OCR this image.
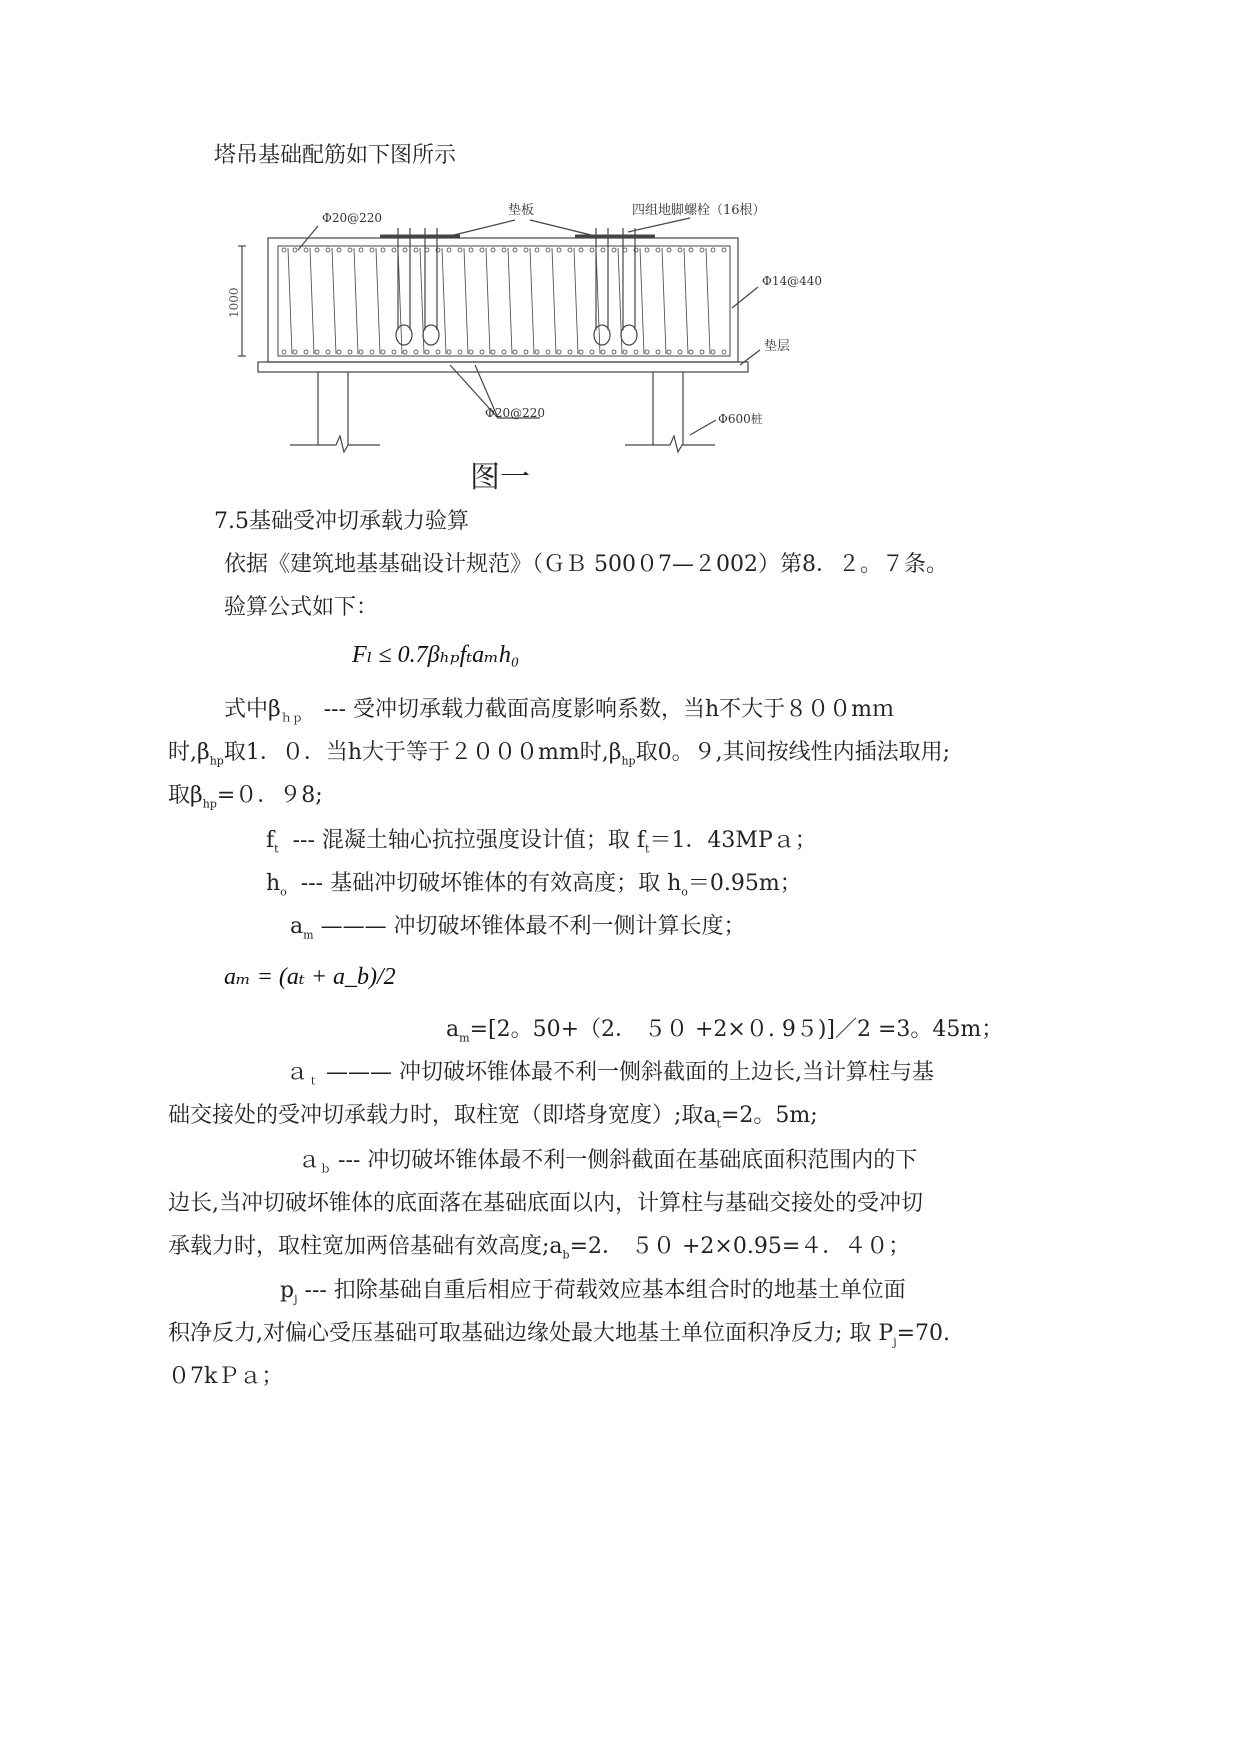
塔吊基础配筋如下图所示
Φ20@220	垫板	四组地脚螺栓（16根）
Φ14@440
1000
垫层
Φ20@220	Φ600桩
图一
7.5基础受冲切承载力验算
依据《建筑地基基础设计规范》（ＧＢ 500０7—２002）第8．２。７条。
验算公式如下：
Fₗ ≤ 0.7βₕₚfₜaₘh₀
式中$\beta_{hp}$ --- 受冲切承载力截面高度影响系数，当h不大于８００mｍ
时$,\beta_{hp}$取1．０．当h大于等于２０００mm时$,\beta_{hp}$取0。９,其间按线性内插法取用;
取$\beta_{hp}=0$．９8;
$f_t$ --- 混凝土轴心抗拉强度设计值；取 $f_t=1$．43MPａ；
$h_o$ --- 基础冲切破坏锥体的有效高度；取 $h_o=0.95m$；
$a_m$ ——— 冲切破坏锥体最不利一侧计算长度；
aₘ = (aₜ + a_b)/2
$a_m=[2$。50+（2． ５０ +2×０. 9５)]／2 =3。45m；
ａ$_t$ ——— 冲切破坏锥体最不利一侧斜截面的上边长,当计算柱与基
础交接处的受冲切承载力时，取柱宽（即塔身宽度）;取$a_t=2$。5m;
ａ$_b$ --- 冲切破坏锥体最不利一侧斜截面在基础底面积范围内的下
边长,当冲切破坏锥体的底面落在基础底面以内，计算柱与基础交接处的受冲切
承载力时，取柱宽加两倍基础有效高度$;a_b=2$． ５０ +2×0.95=４．４０；
$p_j$ --- 扣除基础自重后相应于荷载效应基本组合时的地基土单位面
积净反力,对偏心受压基础可取基础边缘处最大地基土单位面积净反力; 取 $P_j=70$.
０7kＰａ；
